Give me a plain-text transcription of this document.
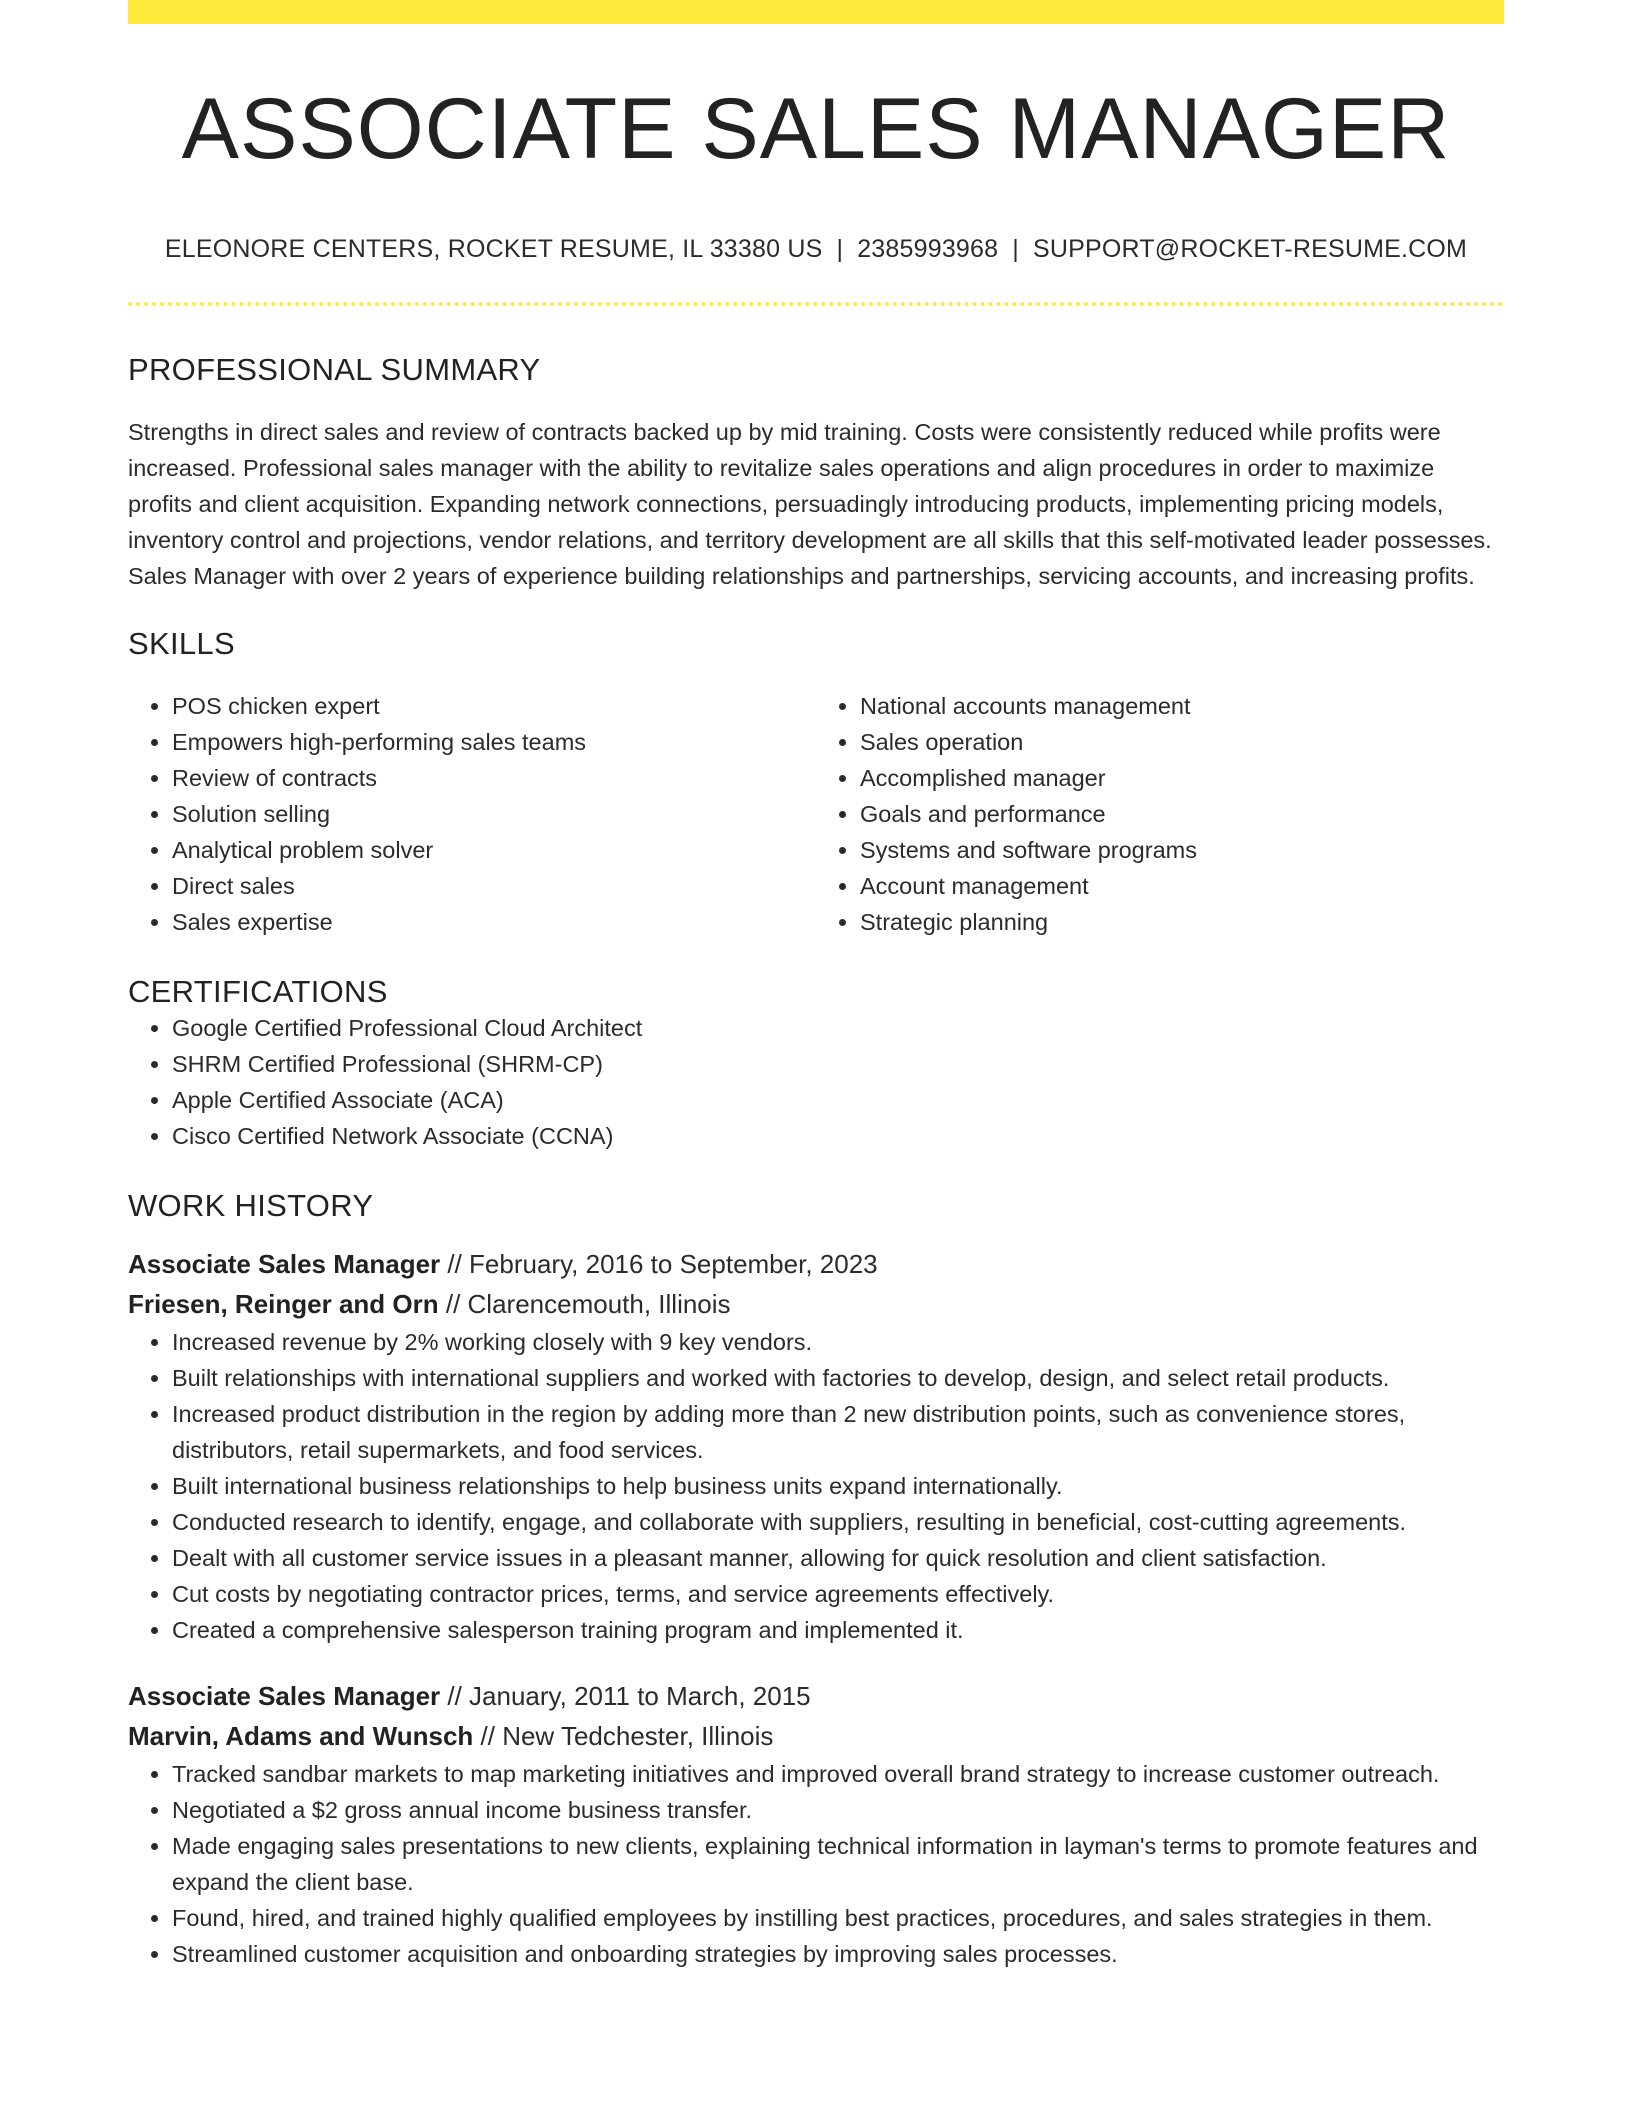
ASSOCIATE SALES MANAGER
ELEONORE CENTERS, ROCKET RESUME, IL 33380 US | 2385993968 | SUPPORT@ROCKET-RESUME.COM
PROFESSIONAL SUMMARY

Strengths in direct sales and review of contracts backed up by mid training. Costs were consistently reduced while profits were increased. Professional sales manager with the ability to revitalize sales operations and align procedures in order to maximize profits and client acquisition. Expanding network connections, persuadingly introducing products, implementing pricing models, inventory control and projections, vendor relations, and territory development are all skills that this self-motivated leader possesses. Sales Manager with over 2 years of experience building relationships and partnerships, servicing accounts, and increasing profits.

SKILLS
• POS chicken expert
• Empowers high-performing sales teams
• Review of contracts
• Solution selling
• Analytical problem solver
• Direct sales
• Sales expertise
• National accounts management
• Sales operation
• Accomplished manager
• Goals and performance
• Systems and software programs
• Account management
• Strategic planning
CERTIFICATIONS
• Google Certified Professional Cloud Architect
• SHRM Certified Professional (SHRM-CP)
• Apple Certified Associate (ACA)
• Cisco Certified Network Associate (CCNA)
WORK HISTORY
Associate Sales Manager // February, 2016 to September, 2023
Friesen, Reinger and Orn // Clarencemouth, Illinois
• Increased revenue by 2% working closely with 9 key vendors.
• Built relationships with international suppliers and worked with factories to develop, design, and select retail products.
• Increased product distribution in the region by adding more than 2 new distribution points, such as convenience stores, distributors, retail supermarkets, and food services.
• Built international business relationships to help business units expand internationally.
• Conducted research to identify, engage, and collaborate with suppliers, resulting in beneficial, cost-cutting agreements.
• Dealt with all customer service issues in a pleasant manner, allowing for quick resolution and client satisfaction.
• Cut costs by negotiating contractor prices, terms, and service agreements effectively.
• Created a comprehensive salesperson training program and implemented it.
Associate Sales Manager // January, 2011 to March, 2015
Marvin, Adams and Wunsch // New Tedchester, Illinois
• Tracked sandbar markets to map marketing initiatives and improved overall brand strategy to increase customer outreach.
• Negotiated a $2 gross annual income business transfer.
• Made engaging sales presentations to new clients, explaining technical information in layman's terms to promote features and expand the client base.
• Found, hired, and trained highly qualified employees by instilling best practices, procedures, and sales strategies in them.
• Streamlined customer acquisition and onboarding strategies by improving sales processes.
